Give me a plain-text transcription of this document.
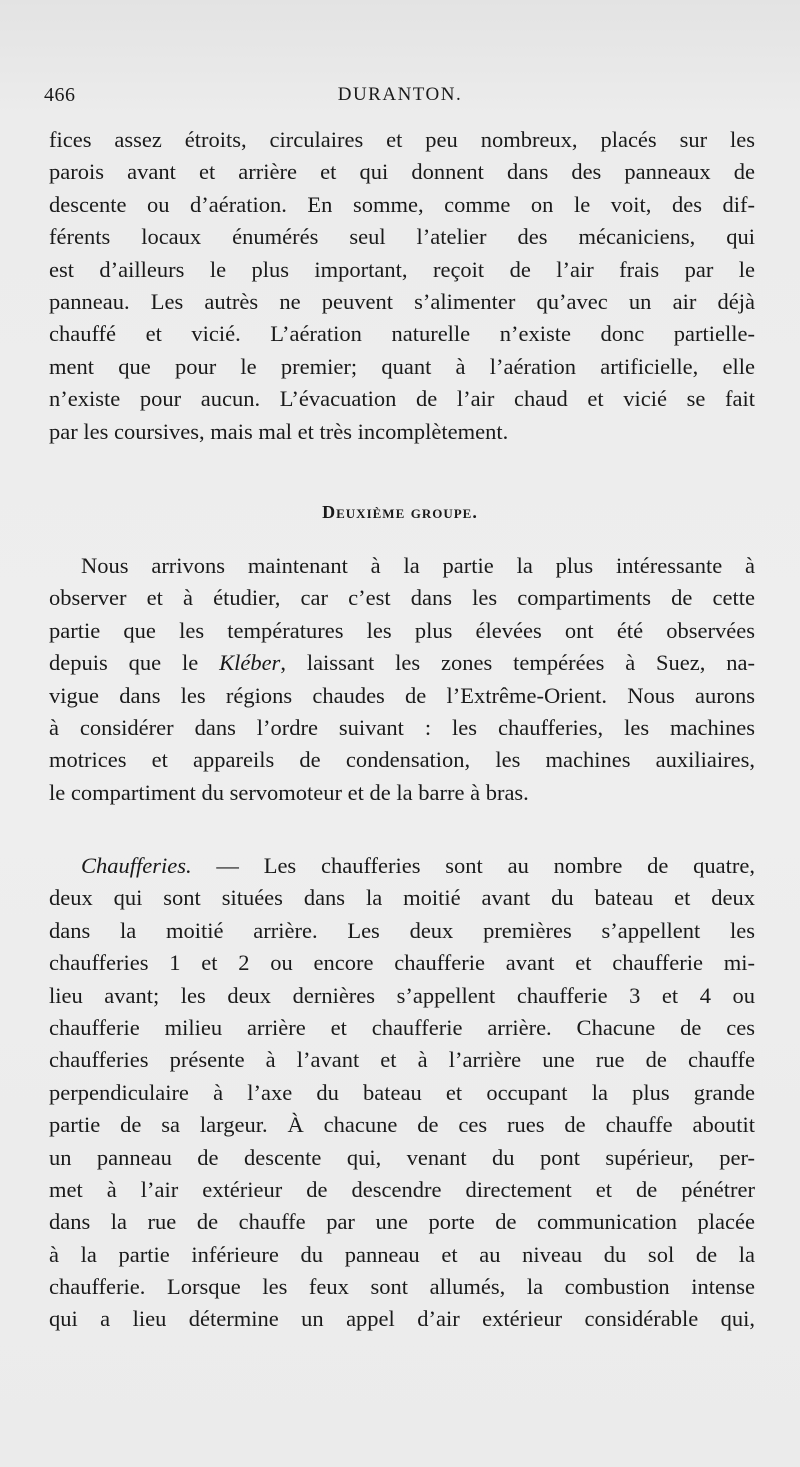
466	DURANTON.
fices assez étroits, circulaires et peu nombreux, placés sur les
parois avant et arrière et qui donnent dans des panneaux de
descente ou d’aération. En somme, comme on le voit, des dif-
férents locaux énumérés seul l’atelier des mécaniciens, qui
est d’ailleurs le plus important, reçoit de l’air frais par le
panneau. Les autrès ne peuvent s’alimenter qu’avec un air déjà
chauffé et vicié. L’aération naturelle n’existe donc partielle-
ment que pour le premier; quant à l’aération artificielle, elle
n’existe pour aucun. L’évacuation de l’air chaud et vicié se fait
par les coursives, mais mal et très incomplètement.
Deuxième groupe.
Nous arrivons maintenant à la partie la plus intéressante à
observer et à étudier, car c’est dans les compartiments de cette
partie que les températures les plus élevées ont été observées
depuis que le Kléber, laissant les zones tempérées à Suez, na-
vigue dans les régions chaudes de l’Extrême-Orient. Nous aurons
à considérer dans l’ordre suivant : les chaufferies, les machines
motrices et appareils de condensation, les machines auxiliaires,
le compartiment du servomoteur et de la barre à bras.
Chaufferies. — Les chaufferies sont au nombre de quatre,
deux qui sont situées dans la moitié avant du bateau et deux
dans la moitié arrière. Les deux premières s’appellent les
chaufferies 1 et 2 ou encore chaufferie avant et chaufferie mi-
lieu avant; les deux dernières s’appellent chaufferie 3 et 4 ou
chaufferie milieu arrière et chaufferie arrière. Chacune de ces
chaufferies présente à l’avant et à l’arrière une rue de chauffe
perpendiculaire à l’axe du bateau et occupant la plus grande
partie de sa largeur. À chacune de ces rues de chauffe aboutit
un panneau de descente qui, venant du pont supérieur, per-
met à l’air extérieur de descendre directement et de pénétrer
dans la rue de chauffe par une porte de communication placée
à la partie inférieure du panneau et au niveau du sol de la
chaufferie. Lorsque les feux sont allumés, la combustion intense
qui a lieu détermine un appel d’air extérieur considérable qui,
